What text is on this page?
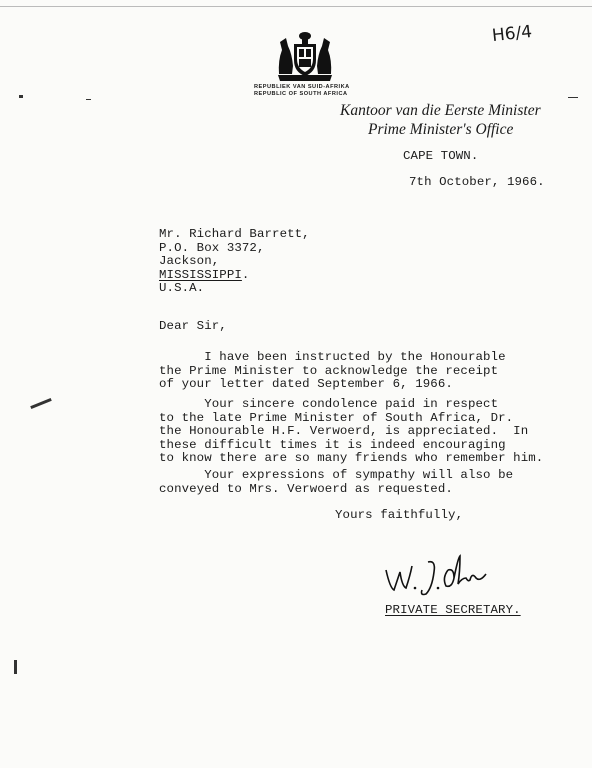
H6/4
REPUBLIEK VAN SUID-AFRIKA
REPUBLIC OF SOUTH AFRICA
Kantoor van die Eerste Minister
Prime Minister's Office
CAPE TOWN.
7th October, 1966.
Mr. Richard Barrett,
P.O. Box 3372,
Jackson,
MISSISSIPPI.
U.S.A.
Dear Sir,
I have been instructed by the Honourable
the Prime Minister to acknowledge the receipt
of your letter dated September 6, 1966.
Your sincere condolence paid in respect
to the late Prime Minister of South Africa, Dr.
the Honourable H.F. Verwoerd, is appreciated.  In
these difficult times it is indeed encouraging
to know there are so many friends who remember him.
Your expressions of sympathy will also be
conveyed to Mrs. Verwoerd as requested.
Yours faithfully,
PRIVATE SECRETARY.
